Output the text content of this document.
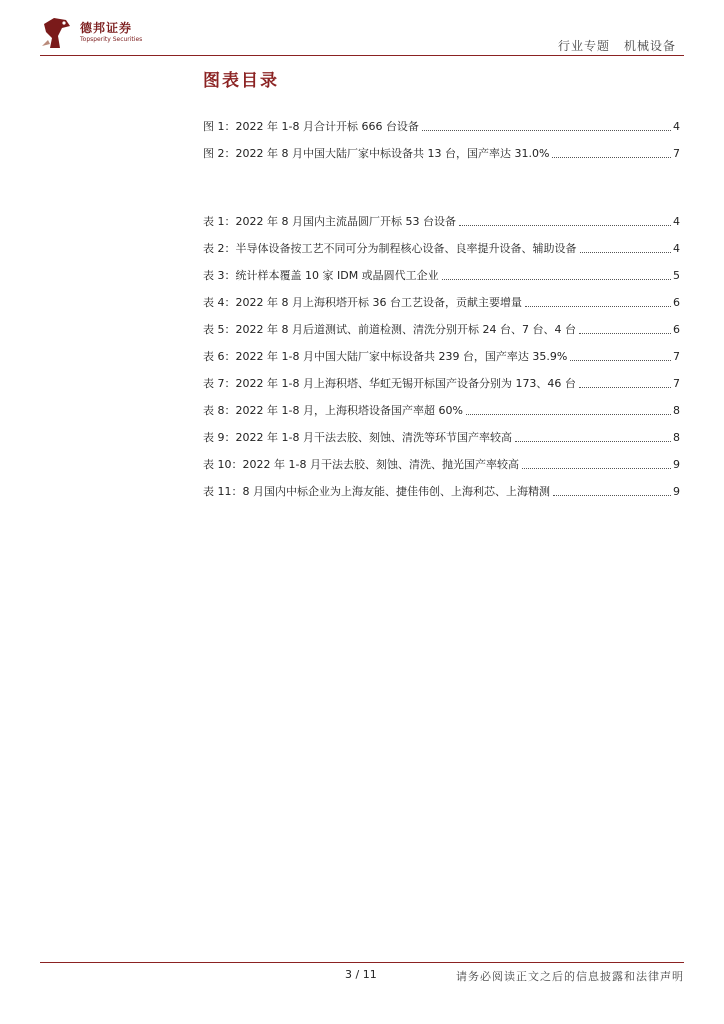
德邦证券
Topsperity Securities	行业专题 机械设备
图表目录
图 1：2022 年 1-8 月合计开标 666 台设备	4
图 2：2022 年 8 月中国大陆厂家中标设备共 13 台，国产率达 31.0%	7
表 1：2022 年 8 月国内主流晶圆厂开标 53 台设备	4
表 2：半导体设备按工艺不同可分为制程核心设备、良率提升设备、辅助设备	4
表 3：统计样本覆盖 10 家 IDM 或晶圆代工企业	5
表 4：2022 年 8 月上海积塔开标 36 台工艺设备，贡献主要增量	6
表 5：2022 年 8 月后道测试、前道检测、清洗分别开标 24 台、7 台、4 台	6
表 6：2022 年 1-8 月中国大陆厂家中标设备共 239 台，国产率达 35.9%	7
表 7：2022 年 1-8 月上海积塔、华虹无锡开标国产设备分别为 173、46 台	7
表 8：2022 年 1-8 月，上海积塔设备国产率超 60%	8
表 9：2022 年 1-8 月干法去胶、刻蚀、清洗等环节国产率较高	8
表 10：2022 年 1-8 月干法去胶、刻蚀、清洗、抛光国产率较高	9
表 11：8 月国内中标企业为上海友能、捷佳伟创、上海利芯、上海精测	9
3 / 11	请务必阅读正文之后的信息披露和法律声明
